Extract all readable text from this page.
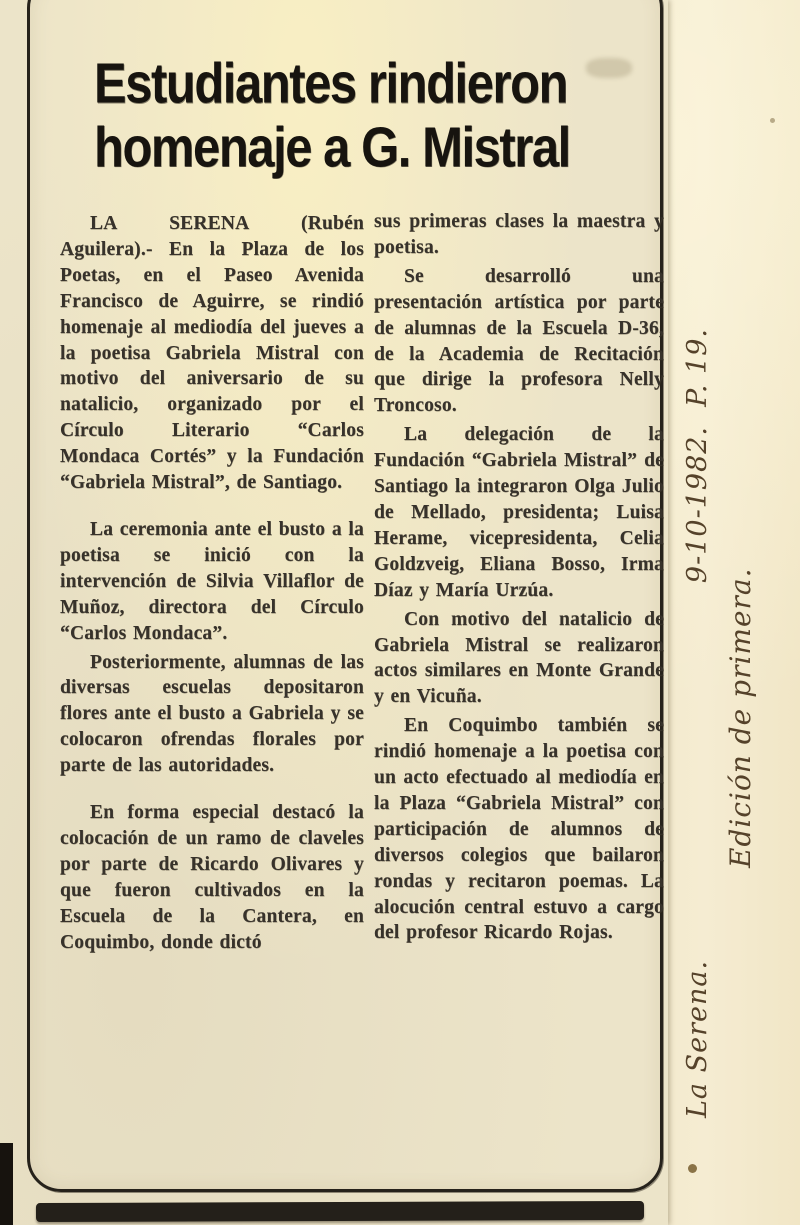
Estudiantes rindieron
homenaje a G. Mistral

LA SERENA (Rubén Aguilera).- En la Plaza de los Poetas, en el Paseo Avenida Francisco de Aguirre, se rindió homenaje al mediodía del jueves a la poetisa Gabriela Mistral con motivo del aniversario de su natalicio, organizado por el Círculo Literario “Carlos Mondaca Cortés” y la Fundación “Gabriela Mistral”, de Santiago.

La ceremonia ante el busto a la poetisa se inició con la intervención de Silvia Villaflor de Muñoz, directora del Círculo “Carlos Mondaca”.

Posteriormente, alumnas de las diversas escuelas depositaron flores ante el busto a Gabriela y se colocaron ofrendas florales por parte de las autoridades.

En forma especial destacó la colocación de un ramo de claveles por parte de Ricardo Olivares y que fueron cultivados en la Escuela de la Cantera, en Coquimbo, donde dictó

sus primeras clases la maestra y poetisa.

Se desarrolló una presentación artística por parte de alumnas de la Escuela D-36, de la Academia de Recitación que dirige la profesora Nelly Troncoso.

La delegación de la Fundación “Gabriela Mistral” de Santiago la integraron Olga Julio de Mellado, presidenta; Luisa Herame, vicepresidenta, Celia Goldzveig, Eliana Bosso, Irma Díaz y María Urzúa.

Con motivo del natalicio de Gabriela Mistral se realizaron actos similares en Monte Grande y en Vicuña.

En Coquimbo también se rindió homenaje a la poetisa con un acto efectuado al mediodía en la Plaza “Gabriela Mistral” con participación de alumnos de diversos colegios que bailaron rondas y recitaron poemas. La alocución central estuvo a cargo del profesor Ricardo Rojas.

La Serena.
9-10-1982.  P. 19.
Edición de primera.
